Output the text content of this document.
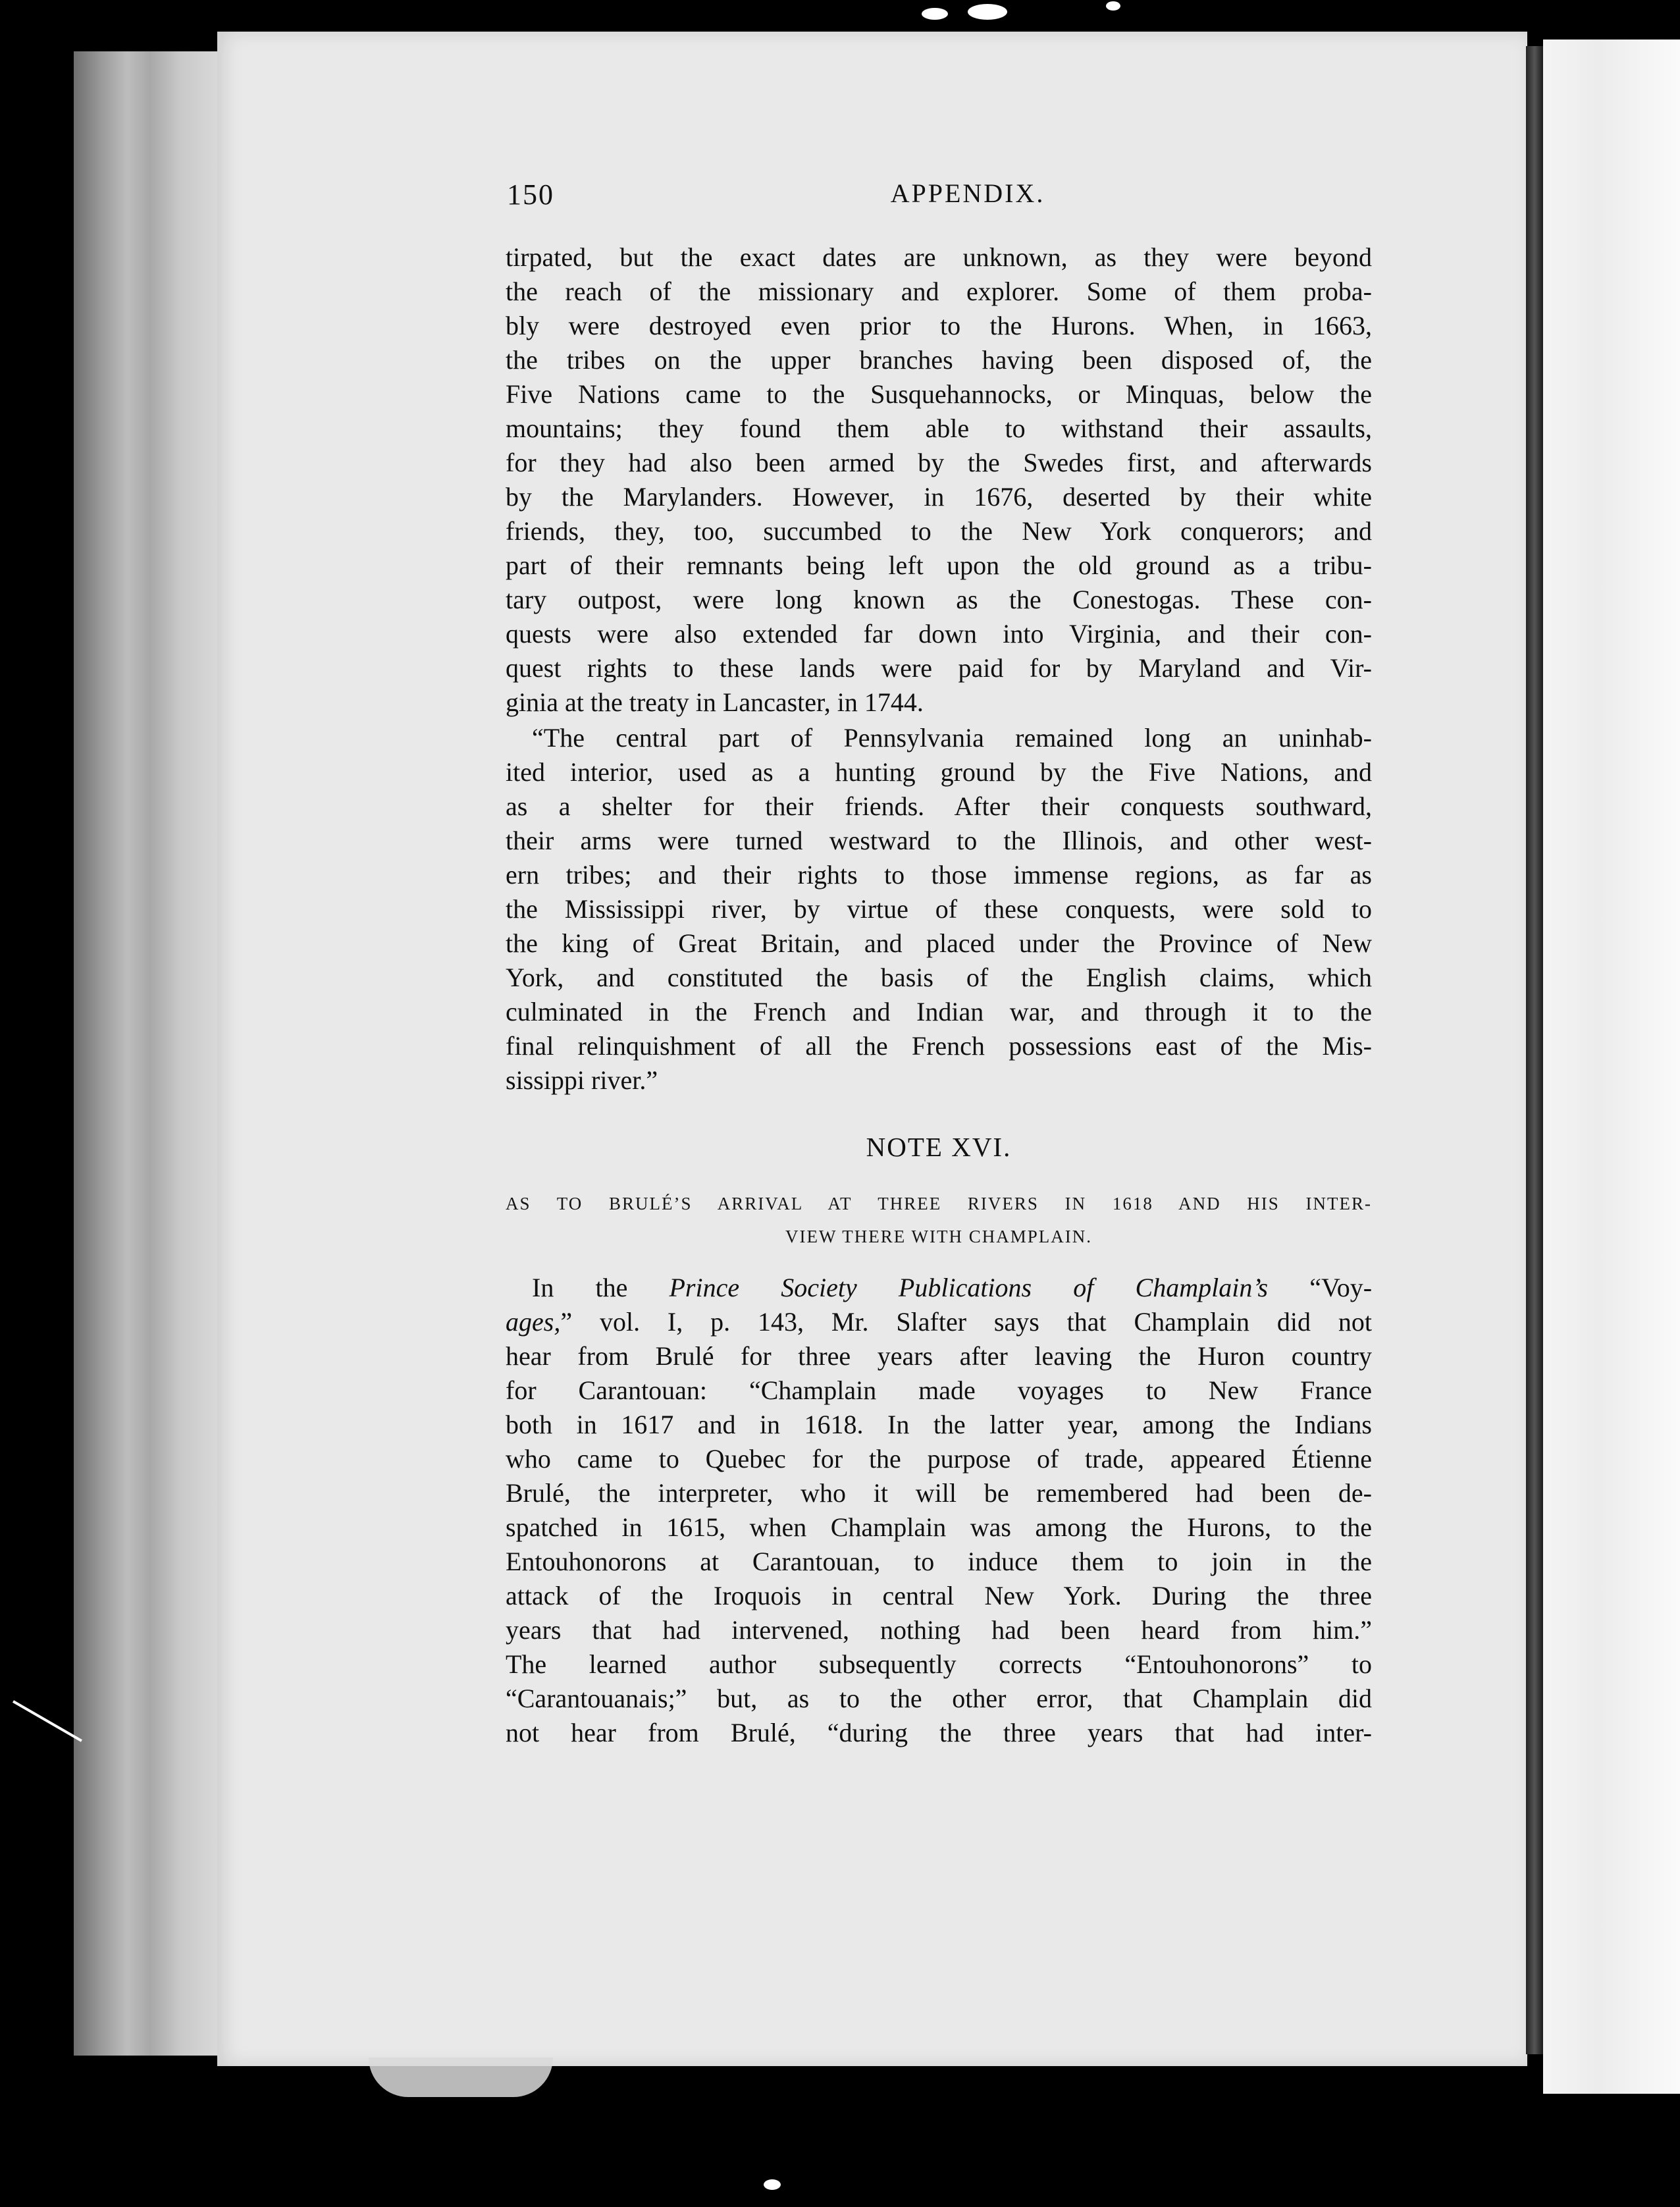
150	APPENDIX.
tirpated, but the exact dates are unknown, as they were beyond
the reach of the missionary and explorer. Some of them proba-
bly were destroyed even prior to the Hurons. When, in 1663,
the tribes on the upper branches having been disposed of, the
Five Nations came to the Susquehannocks, or Minquas, below the
mountains; they found them able to withstand their assaults,
for they had also been armed by the Swedes first, and afterwards
by the Marylanders. However, in 1676, deserted by their white
friends, they, too, succumbed to the New York conquerors; and
part of their remnants being left upon the old ground as a tribu-
tary outpost, were long known as the Conestogas. These con-
quests were also extended far down into Virginia, and their con-
quest rights to these lands were paid for by Maryland and Vir-
ginia at the treaty in Lancaster, in 1744.
“The central part of Pennsylvania remained long an uninhab-
ited interior, used as a hunting ground by the Five Nations, and
as a shelter for their friends. After their conquests southward,
their arms were turned westward to the Illinois, and other west-
ern tribes; and their rights to those immense regions, as far as
the Mississippi river, by virtue of these conquests, were sold to
the king of Great Britain, and placed under the Province of New
York, and constituted the basis of the English claims, which
culminated in the French and Indian war, and through it to the
final relinquishment of all the French possessions east of the Mis-
sissippi river.”
NOTE XVI.
AS TO BRULÉ’S ARRIVAL AT THREE RIVERS IN 1618 AND HIS INTER-
VIEW THERE WITH CHAMPLAIN.
In the Prince Society Publications of Champlain’s “Voy-
ages,” vol. I, p. 143, Mr. Slafter says that Champlain did not
hear from Brulé for three years after leaving the Huron country
for Carantouan: “Champlain made voyages to New France
both in 1617 and in 1618. In the latter year, among the Indians
who came to Quebec for the purpose of trade, appeared Étienne
Brulé, the interpreter, who it will be remembered had been de-
spatched in 1615, when Champlain was among the Hurons, to the
Entouhonorons at Carantouan, to induce them to join in the
attack of the Iroquois in central New York. During the three
years that had intervened, nothing had been heard from him.”
The learned author subsequently corrects “Entouhonorons” to
“Carantouanais;” but, as to the other error, that Champlain did
not hear from Brulé, “during the three years that had inter-
